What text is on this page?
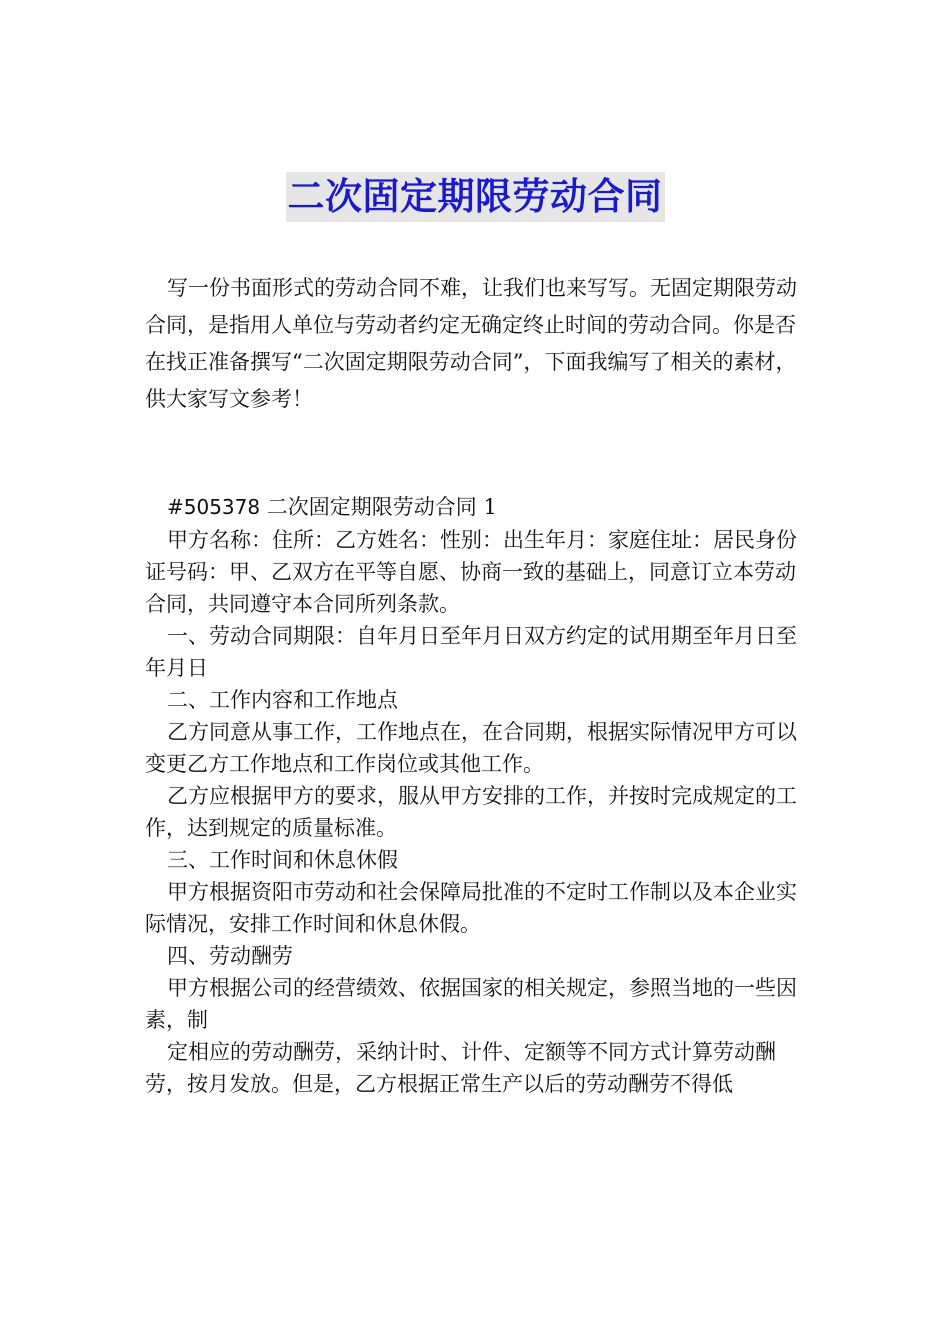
二次固定期限劳动合同

写一份书面形式的劳动合同不难，让我们也来写写。无固定期限劳动合同，是指用人单位与劳动者约定无确定终止时间的劳动合同。你是否在找正准备撰写“二次固定期限劳动合同”，下面我编写了相关的素材，供大家写文参考！

#505378 二次固定期限劳动合同 1

甲方名称：住所：乙方姓名：性别：出生年月：家庭住址：居民身份证号码：甲、乙双方在平等自愿、协商一致的基础上，同意订立本劳动合同，共同遵守本合同所列条款。

一、劳动合同期限：自年月日至年月日双方约定的试用期至年月日至年月日

二、工作内容和工作地点

乙方同意从事工作，工作地点在，在合同期，根据实际情况甲方可以变更乙方工作地点和工作岗位或其他工作。

乙方应根据甲方的要求，服从甲方安排的工作，并按时完成规定的工作，达到规定的质量标准。

三、工作时间和休息休假

甲方根据资阳市劳动和社会保障局批准的不定时工作制以及本企业实际情况，安排工作时间和休息休假。

四、劳动酬劳

甲方根据公司的经营绩效、依据国家的相关规定，参照当地的一些因素，制

定相应的劳动酬劳，采纳计时、计件、定额等不同方式计算劳动酬劳，按月发放。但是，乙方根据正常生产以后的劳动酬劳不得低
